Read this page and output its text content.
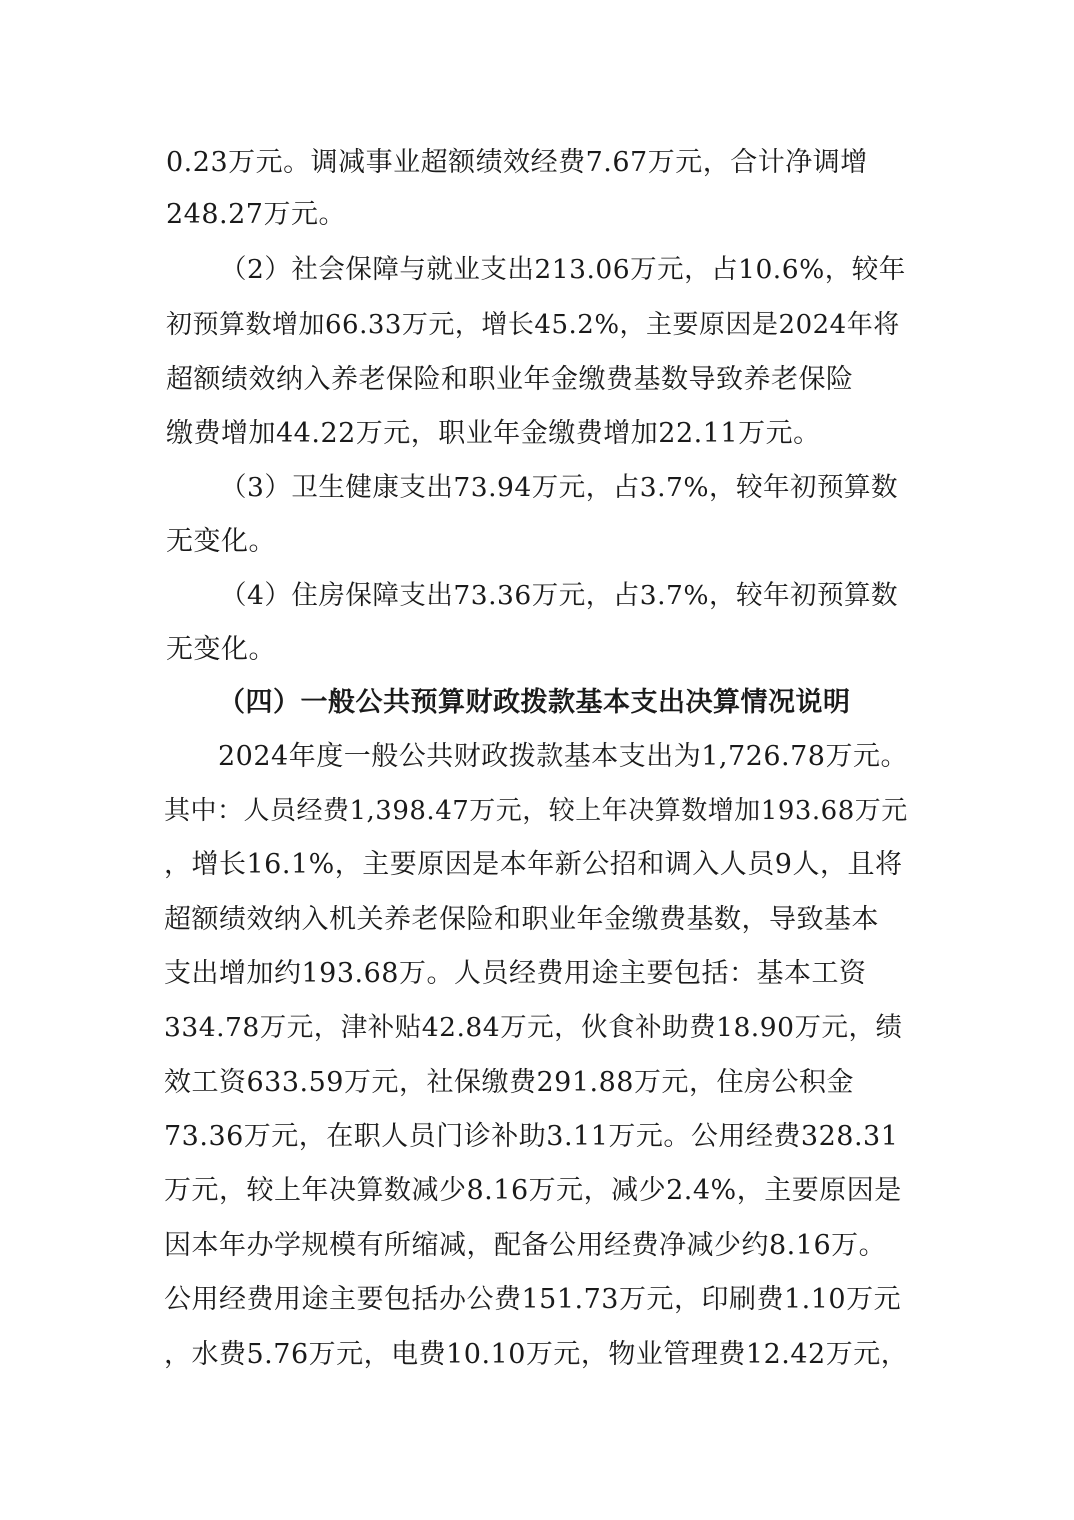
0.23万元。调减事业超额绩效经费7.67万元，合计净调增
248.27万元。
（2）社会保障与就业支出213.06万元，占10.6%，较年
初预算数增加66.33万元，增长45.2%，主要原因是2024年将
超额绩效纳入养老保险和职业年金缴费基数导致养老保险
缴费增加44.22万元，职业年金缴费增加22.11万元。
（3）卫生健康支出73.94万元，占3.7%，较年初预算数
无变化。
（4）住房保障支出73.36万元，占3.7%，较年初预算数
无变化。
（四）一般公共预算财政拨款基本支出决算情况说明
2024年度一般公共财政拨款基本支出为1,726.78万元。
其中：人员经费1,398.47万元，较上年决算数增加193.68万元
，增长16.1%，主要原因是本年新公招和调入人员9人，且将
超额绩效纳入机关养老保险和职业年金缴费基数，导致基本
支出增加约193.68万。人员经费用途主要包括：基本工资
334.78万元，津补贴42.84万元，伙食补助费18.90万元，绩
效工资633.59万元，社保缴费291.88万元，住房公积金
73.36万元，在职人员门诊补助3.11万元。公用经费328.31
万元，较上年决算数减少8.16万元，减少2.4%，主要原因是
因本年办学规模有所缩减，配备公用经费净减少约8.16万。
公用经费用途主要包括办公费151.73万元，印刷费1.10万元
，水费5.76万元，电费10.10万元，物业管理费12.42万元，
